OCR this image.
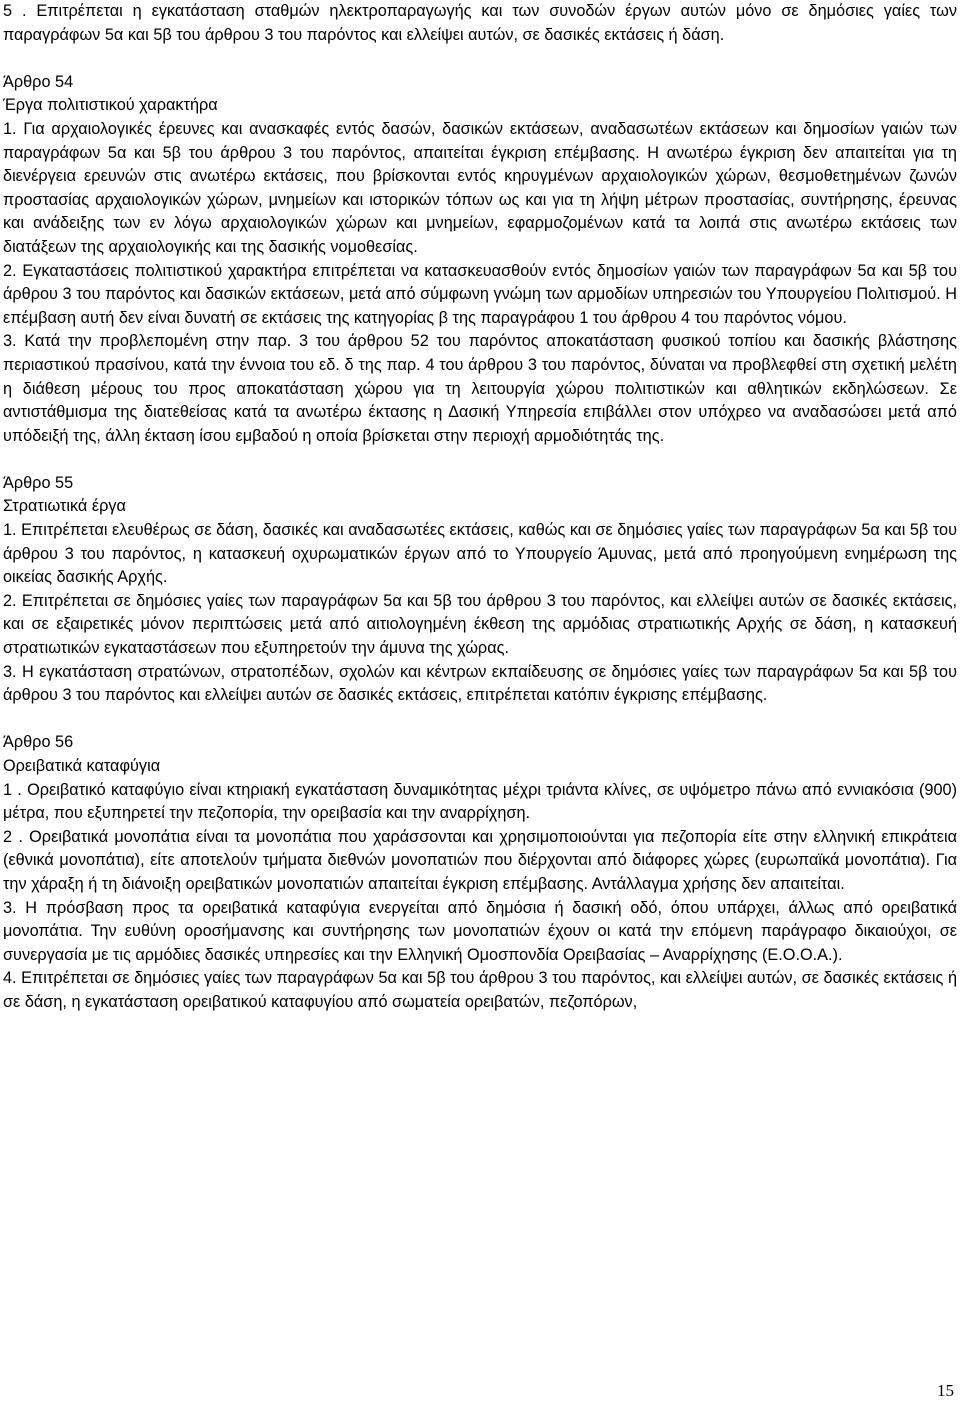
5 . Επιτρέπεται η εγκατάσταση σταθμών ηλεκτροπαραγωγής και των συνοδών έργων αυτών μόνο σε δημόσιες γαίες των παραγράφων 5α και 5β του άρθρου 3 του παρόντος και ελλείψει αυτών, σε δασικές εκτάσεις ή δάση.

Άρθρο 54

Έργα πολιτιστικού χαρακτήρα

1. Για αρχαιολογικές έρευνες και ανασκαφές εντός δασών, δασικών εκτάσεων, αναδασωτέων εκτάσεων και δημοσίων γαιών των παραγράφων 5α και 5β του άρθρου 3 του παρόντος, απαιτείται έγκριση επέμβασης. Η ανωτέρω έγκριση δεν απαιτείται για τη διενέργεια ερευνών στις ανωτέρω εκτάσεις, που βρίσκονται εντός κηρυγμένων αρχαιολογικών χώρων, θεσμοθετημένων ζωνών προστασίας αρχαιολογικών χώρων, μνημείων και ιστορικών τόπων ως και για τη λήψη μέτρων προστασίας, συντήρησης, έρευνας και ανάδειξης των εν λόγω αρχαιολογικών χώρων και μνημείων, εφαρμοζομένων κατά τα λοιπά στις ανωτέρω εκτάσεις των διατάξεων της αρχαιολογικής και της δασικής νομοθεσίας.

2. Εγκαταστάσεις πολιτιστικού χαρακτήρα επιτρέπεται να κατασκευασθούν εντός δημοσίων γαιών των παραγράφων 5α και 5β του άρθρου 3 του παρόντος και δασικών εκτάσεων, μετά από σύμφωνη γνώμη των αρμοδίων υπηρεσιών του Υπουργείου Πολιτισμού. Η επέμβαση αυτή δεν είναι δυνατή σε εκτάσεις της κατηγορίας β της παραγράφου 1 του άρθρου 4 του παρόντος νόμου.

3. Κατά την προβλεπομένη στην παρ. 3 του άρθρου 52 του παρόντος αποκατάσταση φυσικού τοπίου και δασικής βλάστησης περιαστικού πρασίνου, κατά την έννοια του εδ. δ της παρ. 4 του άρθρου 3 του παρόντος, δύναται να προβλεφθεί στη σχετική μελέτη η διάθεση μέρους του προς αποκατάσταση χώρου για τη λειτουργία χώρου πολιτιστικών και αθλητικών εκδηλώσεων. Σε αντιστάθμισμα της διατεθείσας κατά τα ανωτέρω έκτασης η Δασική Υπηρεσία επιβάλλει στον υπόχρεο να αναδασώσει μετά από υπόδειξή της, άλλη έκταση ίσου εμβαδού η οποία βρίσκεται στην περιοχή αρμοδιότητάς της.

Άρθρο 55

Στρατιωτικά έργα

1. Επιτρέπεται ελευθέρως σε δάση, δασικές και αναδασωτέες εκτάσεις, καθώς και σε δημόσιες γαίες των παραγράφων 5α και 5β του άρθρου 3 του παρόντος, η κατασκευή οχυρωματικών έργων από το Υπουργείο Άμυνας, μετά από προηγούμενη ενημέρωση της οικείας δασικής Αρχής.

2. Επιτρέπεται σε δημόσιες γαίες των παραγράφων 5α και 5β του άρθρου 3 του παρόντος, και ελλείψει αυτών σε δασικές εκτάσεις, και σε εξαιρετικές μόνον περιπτώσεις μετά από αιτιολογημένη έκθεση της αρμόδιας στρατιωτικής Αρχής σε δάση, η κατασκευή στρατιωτικών εγκαταστάσεων που εξυπηρετούν την άμυνα της χώρας.

3. Η εγκατάσταση στρατώνων, στρατοπέδων, σχολών και κέντρων εκπαίδευσης σε δημόσιες γαίες των παραγράφων 5α και 5β του άρθρου 3 του παρόντος και ελλείψει αυτών σε δασικές εκτάσεις, επιτρέπεται κατόπιν έγκρισης επέμβασης.

Άρθρο 56

Ορειβατικά καταφύγια

1 . Ορειβατικό καταφύγιο είναι κτηριακή εγκατάσταση δυναμικότητας μέχρι τριάντα κλίνες, σε υψόμετρο πάνω από εννιακόσια (900) μέτρα, που εξυπηρετεί την πεζοπορία, την ορειβασία και την αναρρίχηση.

2 . Ορειβατικά μονοπάτια είναι τα μονοπάτια που χαράσσονται και χρησιμοποιούνται για πεζοπορία είτε στην ελληνική επικράτεια (εθνικά μονοπάτια), είτε αποτελούν τμήματα διεθνών μονοπατιών που διέρχονται από διάφορες χώρες (ευρωπαϊκά μονοπάτια). Για την χάραξη ή τη διάνοιξη ορειβατικών μονοπατιών απαιτείται έγκριση επέμβασης. Αντάλλαγμα χρήσης δεν απαιτείται.

3. Η πρόσβαση προς τα ορειβατικά καταφύγια ενεργείται από δημόσια ή δασική οδό, όπου υπάρχει, άλλως από ορειβατικά μονοπάτια. Την ευθύνη οροσήμανσης και συντήρησης των μονοπατιών έχουν οι κατά την επόμενη παράγραφο δικαιούχοι, σε συνεργασία με τις αρμόδιες δασικές υπηρεσίες και την Ελληνική Ομοσπονδία Ορειβασίας – Αναρρίχησης (Ε.Ο.Ο.Α.).

4. Επιτρέπεται σε δημόσιες γαίες των παραγράφων 5α και 5β του άρθρου 3 του παρόντος, και ελλείψει αυτών, σε δασικές εκτάσεις ή σε δάση, η εγκατάσταση ορειβατικού καταφυγίου από σωματεία ορειβατών, πεζοπόρων,

15
